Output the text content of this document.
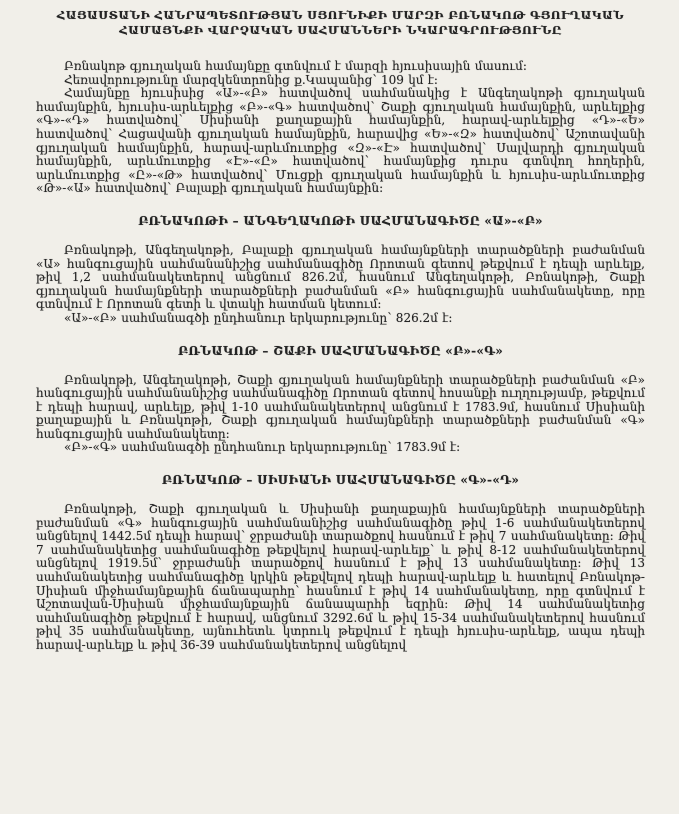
ՀԱՅԱՍՏԱՆԻ ՀԱՆՐԱՊԵՏՈՒԹՅԱՆ ՍՅՈՒՆԻՔԻ ՄԱՐԶԻ ԲՌՆԱԿՈԹ ԳՅՈՒՂԱԿԱՆ
ՀԱՄԱՅՆՔԻ ՎԱՐՉԱԿԱՆ ՍԱՀՄԱՆՆԵՐԻ ՆԿԱՐԱԳՐՈՒԹՅՈՒՆԸ

Բռնակոթ գյուղական համայնքը գտնվում է մարզի հյուսիսային մասում:

Հեռավորությունը մարզկենտրոնից ք.Կապանից՝ 109 կմ է:

Համայնքը հյուսիսից «Ա»-«Բ» հատվածով սահմանակից է Անգեղակոթի գյուղական համայնքին, հյուսիս-արևելքից «Բ»-«Գ» հատվածով՝ Շաքի գյուղական համայնքին, արևելքից «Գ»-«Դ» հատվածով՝ Սիսիանի քաղաքային համայնքին, հարավ-արևելքից «Դ»-«Ե» հատվածով՝ Հացավանի գյուղական համայնքին, հարավից «Ե»-«Զ» հատվածով՝ Աշոտավանի գյուղական համայնքին, հարավ-արևմուտքից «Զ»-«Է» հատվածով՝ Սալվարդի գյուղական համայնքին, արևմուտքից «Է»-«Ը» հատվածով՝ համայնքից դուրս գտնվող հողերին, արևմուտքից «Ը»-«Թ» հատվածով՝ Մուցքի գյուղական համայնքին և հյուսիս-արևմուտքից «Թ»-«Ա» հատվածով՝ Բալաքի գյուղական համայնքին:

ԲՌՆԱԿՈԹԻ – ԱՆԳԵՂԱԿՈԹԻ ՍԱՀՄԱՆԱԳԻԾԸ «Ա»-«Բ»

Բռնակոթի, Անգեղակոթի, Բալաքի գյուղական համայնքների տարածքների բաժանման «Ա» հանգուցային սահմանանիշից սահմանագիծը Որոտան գետով թեքվում է դեպի արևելք, թիվ 1,2 սահմանակետերով անցնում 826.2մ, հասնում Անգեղակոթի, Բռնակոթի, Շաքի գյուղական համայնքների տարածքների բաժանման «Բ» հանգուցային սահմանակետը, որը գտնվում է Որոտան գետի և վտակի հատման կետում:

«Ա»-«Բ» սահմանագծի ընդհանուր երկարությունը՝ 826.2մ է:

ԲՌՆԱԿՈԹ – ՇԱՔԻ ՍԱՀՄԱՆԱԳԻԾԸ «Բ»-«Գ»

Բռնակոթի, Անգեղակոթի, Շաքի գյուղական համայնքների տարածքների բաժանման «Բ» հանգուցային սահմանանիշից սահմանագիծը Որոտան գետով հոսանքի ուղղությամբ, թեքվում է դեպի հարավ, արևելք, թիվ 1-10 սահմանակետերով անցնում է 1783.9մ, հասնում Սիսիանի քաղաքային և Բռնակոթի, Շաքի գյուղական համայնքների տարածքների բաժանման «Գ» հանգուցային սահմանակետը:

«Բ»-«Գ» սահմանագծի ընդհանուր երկարությունը՝ 1783.9մ է:

ԲՌՆԱԿՈԹ – ՍԻՍԻԱՆԻ ՍԱՀՄԱՆԱԳԻԾԸ «Գ»-«Դ»

Բռնակոթի, Շաքի գյուղական և Սիսիանի քաղաքային համայնքների տարածքների բաժանման «Գ» հանգուցային սահմանանիշից սահմանագիծը թիվ 1-6 սահմանակետերով անցնելով 1442.5մ դեպի հարավ՝ ջրբաժանի տարածքով հասնում է թիվ 7 սահմանակետը: Թիվ 7 սահմանակետից սահմանագիծը թեքվելով հարավ-արևելք՝ և թիվ 8-12 սահմանակետերով անցնելով 1919.5մ՝ ջրբաժանի տարածքով հասնում է թիվ 13 սահմանակետը: Թիվ 13 սահմանակետից սահմանագիծը կրկին թեքվելով դեպի հարավ-արևելք և հատելով Բռնակոթ-Սիսիան միջհամայնքային ճանապարհը՝ հասնում է թիվ 14 սահմանակետը, որը գտնվում է Աշոտավան-Սիսիան միջհամայնքային ճանապարհի եզրին: Թիվ 14 սահմանակետից սահմանագիծը թեքվում է հարավ, անցնում 3292.6մ և թիվ 15-34 սահմանակետերով հասնում թիվ 35 սահմանակետը, այնուհետև կտրուկ թեքվում է դեպի հյուսիս-արևելք, ապա դեպի հարավ-արևելք և թիվ 36-39 սահմանակետերով անցնելով
